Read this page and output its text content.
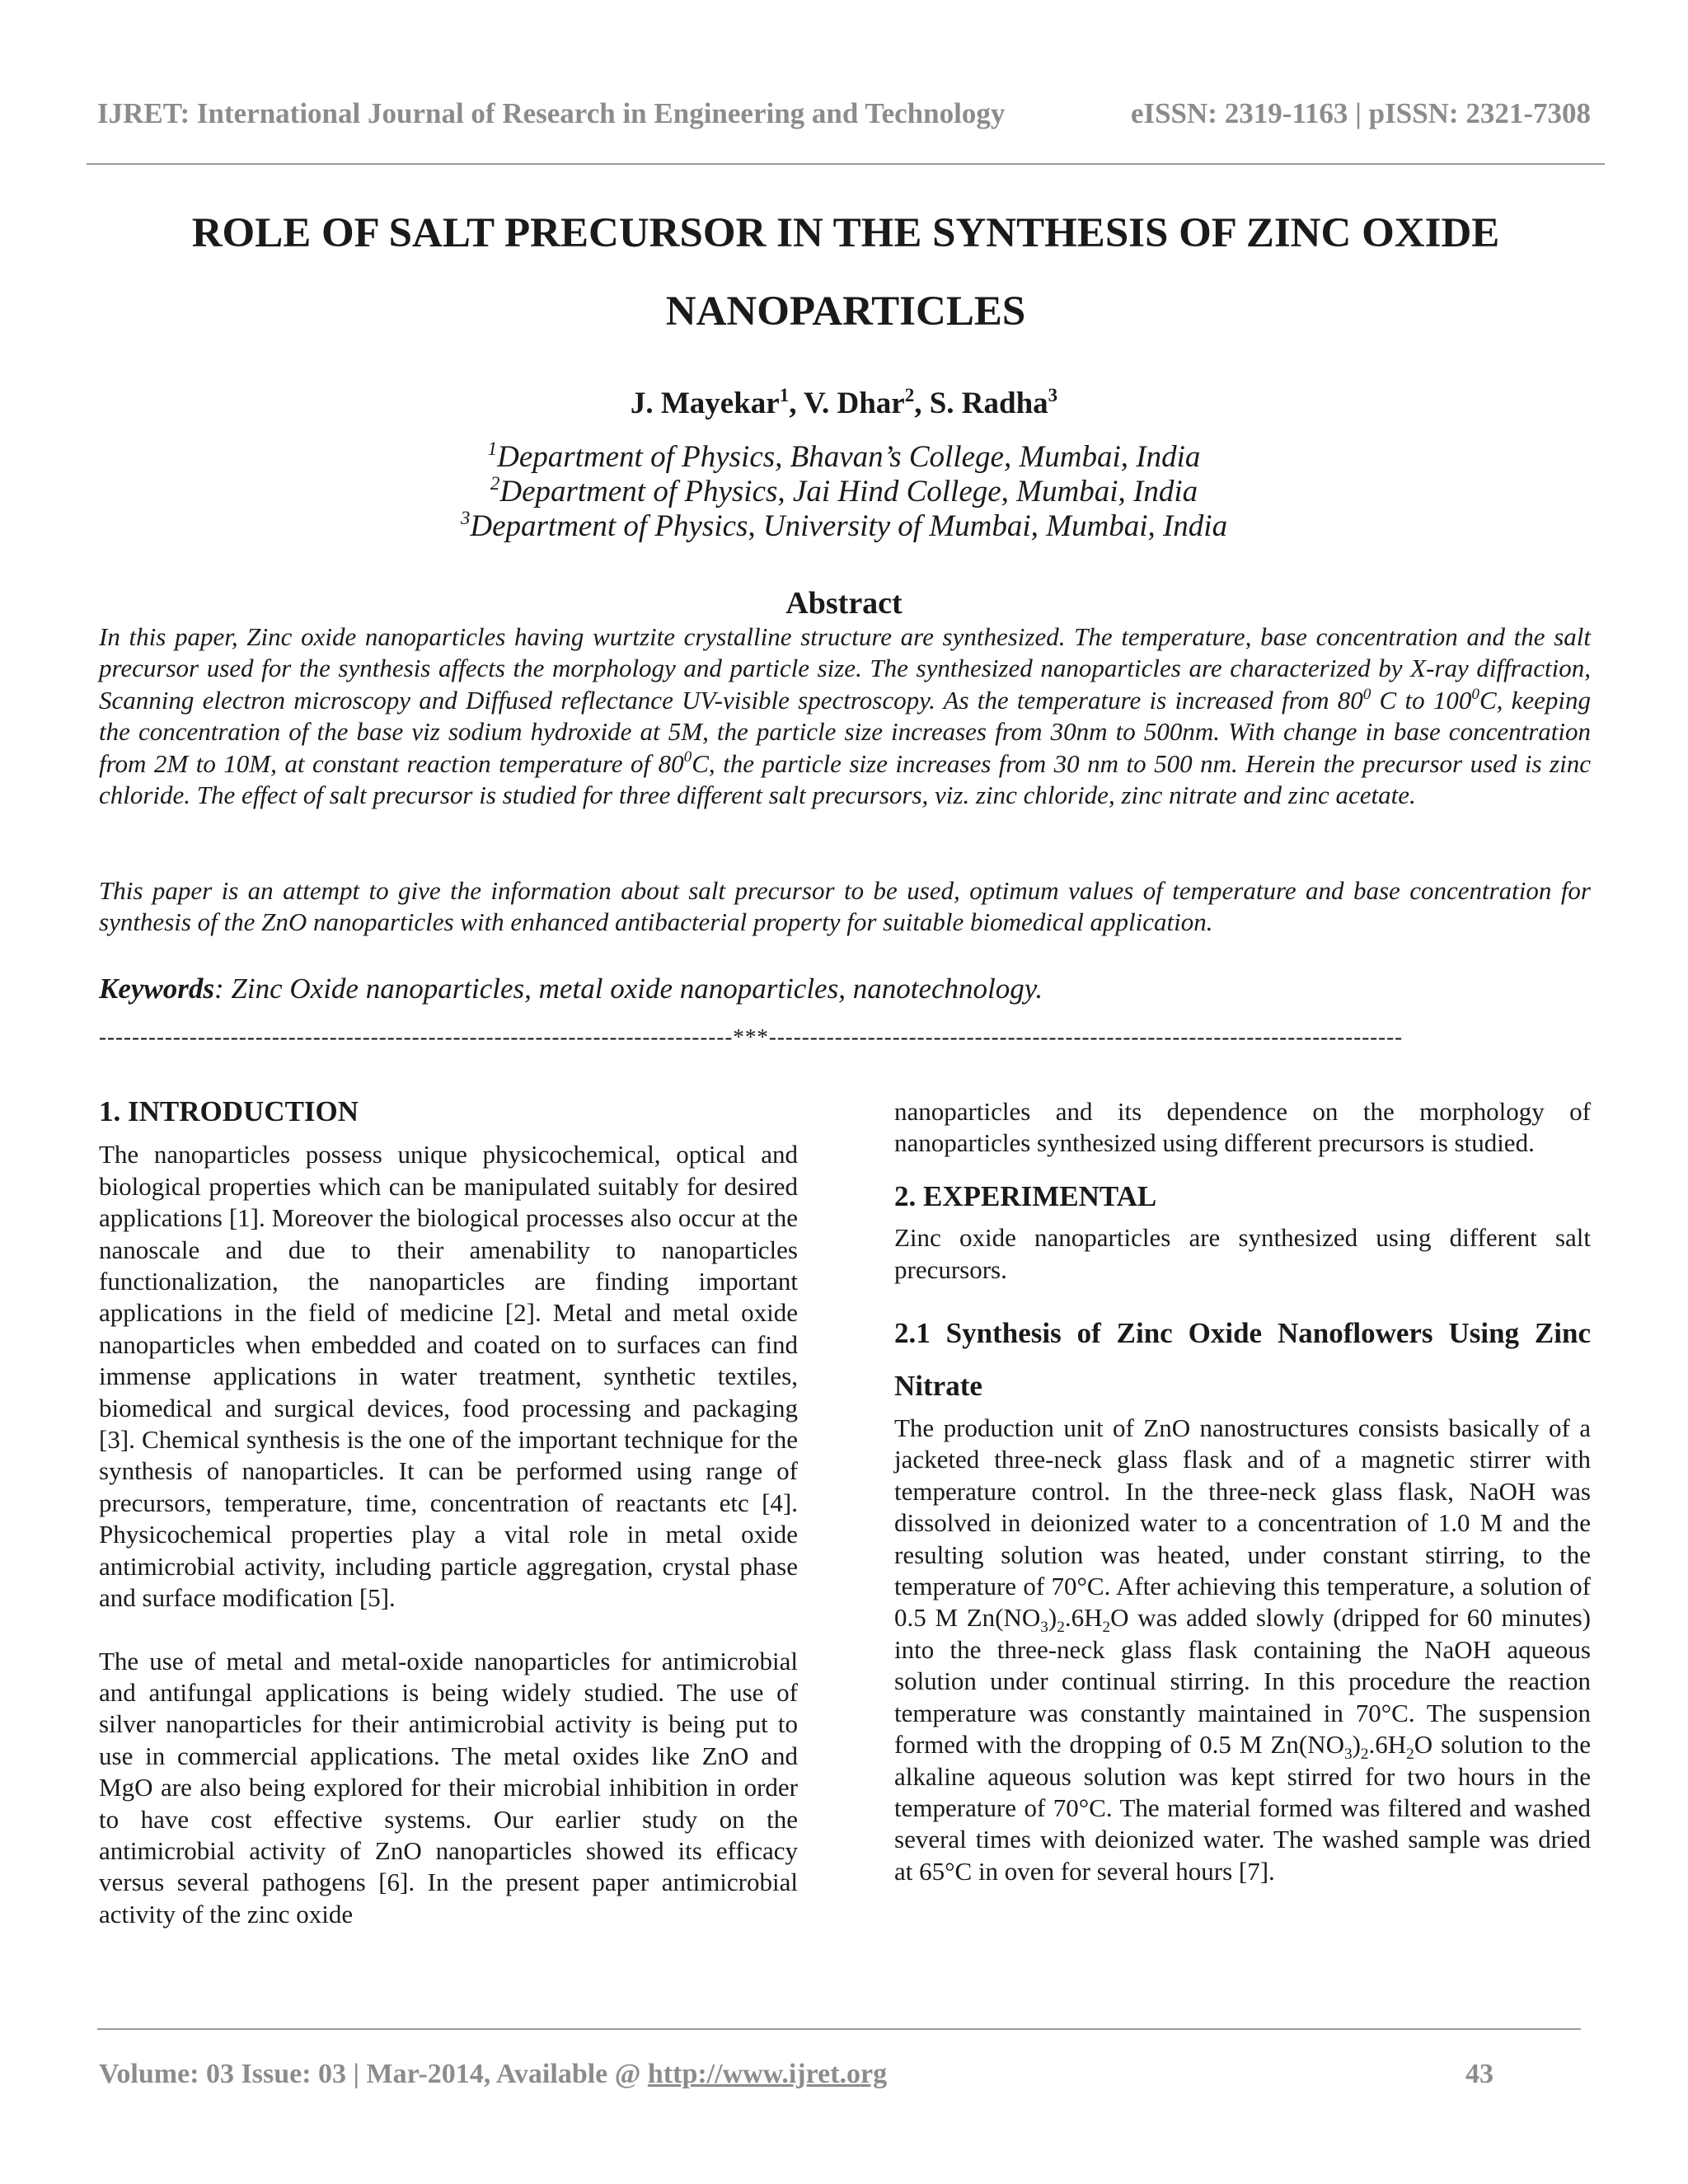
IJRET: International Journal of Research in Engineering and Technology	eISSN: 2319-1163 | pISSN: 2321-7308
ROLE OF SALT PRECURSOR IN THE SYNTHESIS OF ZINC OXIDE
NANOPARTICLES
J. Mayekar$^1$, V. Dhar$^2$, S. Radha$^3$
$^1$Department of Physics, Bhavan’s College, Mumbai, India
$^2$Department of Physics, Jai Hind College, Mumbai, India
$^3$Department of Physics, University of Mumbai, Mumbai, India
Abstract

In this paper, Zinc oxide nanoparticles having wurtzite crystalline structure are synthesized. The temperature, base concentration and the salt precursor used for the synthesis affects the morphology and particle size. The synthesized nanoparticles are characterized by X-ray diffraction, Scanning electron microscopy and Diffused reflectance UV-visible spectroscopy. As the temperature is increased from $80^0$ C to $100^0C$, keeping the concentration of the base viz sodium hydroxide at 5M, the particle size increases from 30nm to 500nm. With change in base concentration from 2M to 10M, at constant reaction temperature of $80^0C$, the particle size increases from 30 nm to 500 nm. Herein the precursor used is zinc chloride. The effect of salt precursor is studied for three different salt precursors, viz. zinc chloride, zinc nitrate and zinc acetate.

This paper is an attempt to give the information about salt precursor to be used, optimum values of temperature and base concentration for synthesis of the ZnO nanoparticles with enhanced antibacterial property for suitable biomedical application.

Keywords: Zinc Oxide nanoparticles, metal oxide nanoparticles, nanotechnology.
-----------------------------------------------------------------------------***-----------------------------------------------------------------------------
1. INTRODUCTION

The nanoparticles possess unique physicochemical, optical and biological properties which can be manipulated suitably for desired applications [1]. Moreover the biological processes also occur at the nanoscale and due to their amenability to nanoparticles functionalization, the nanoparticles are finding important applications in the field of medicine [2]. Metal and metal oxide nanoparticles when embedded and coated on to surfaces can find immense applications in water treatment, synthetic textiles, biomedical and surgical devices, food processing and packaging [3]. Chemical synthesis is the one of the important technique for the synthesis of nanoparticles. It can be performed using range of precursors, temperature, time, concentration of reactants etc [4]. Physicochemical properties play a vital role in metal oxide antimicrobial activity, including particle aggregation, crystal phase and surface modification [5].

The use of metal and metal-oxide nanoparticles for antimicrobial and antifungal applications is being widely studied. The use of silver nanoparticles for their antimicrobial activity is being put to use in commercial applications. The metal oxides like ZnO and MgO are also being explored for their microbial inhibition in order to have cost effective systems. Our earlier study on the antimicrobial activity of ZnO nanoparticles showed its efficacy versus several pathogens [6]. In the present paper antimicrobial activity of the zinc oxide

nanoparticles and its dependence on the morphology of nanoparticles synthesized using different precursors is studied.

2. EXPERIMENTAL

Zinc oxide nanoparticles are synthesized using different salt precursors.

2.1 Synthesis of Zinc Oxide Nanoflowers Using Zinc
Nitrate

The production unit of ZnO nanostructures consists basically of a jacketed three-neck glass flask and of a magnetic stirrer with temperature control. In the three-neck glass flask, NaOH was dissolved in deionized water to a concentration of 1.0 M and the resulting solution was heated, under constant stirring, to the temperature of 70°C. After achieving this temperature, a solution of 0.5 M $Zn(NO_3)_2.6H_2O$ was added slowly (dripped for 60 minutes) into the three-neck glass flask containing the NaOH aqueous solution under continual stirring. In this procedure the reaction temperature was constantly maintained in 70°C. The suspension formed with the dropping of 0.5 M $Zn(NO_3)_2.6H_2O$ solution to the alkaline aqueous solution was kept stirred for two hours in the temperature of 70°C. The material formed was filtered and washed several times with deionized water. The washed sample was dried at 65°C in oven for several hours [7].

Volume: 03 Issue: 03 | Mar-2014, Available @ http://www.ijret.org	43
